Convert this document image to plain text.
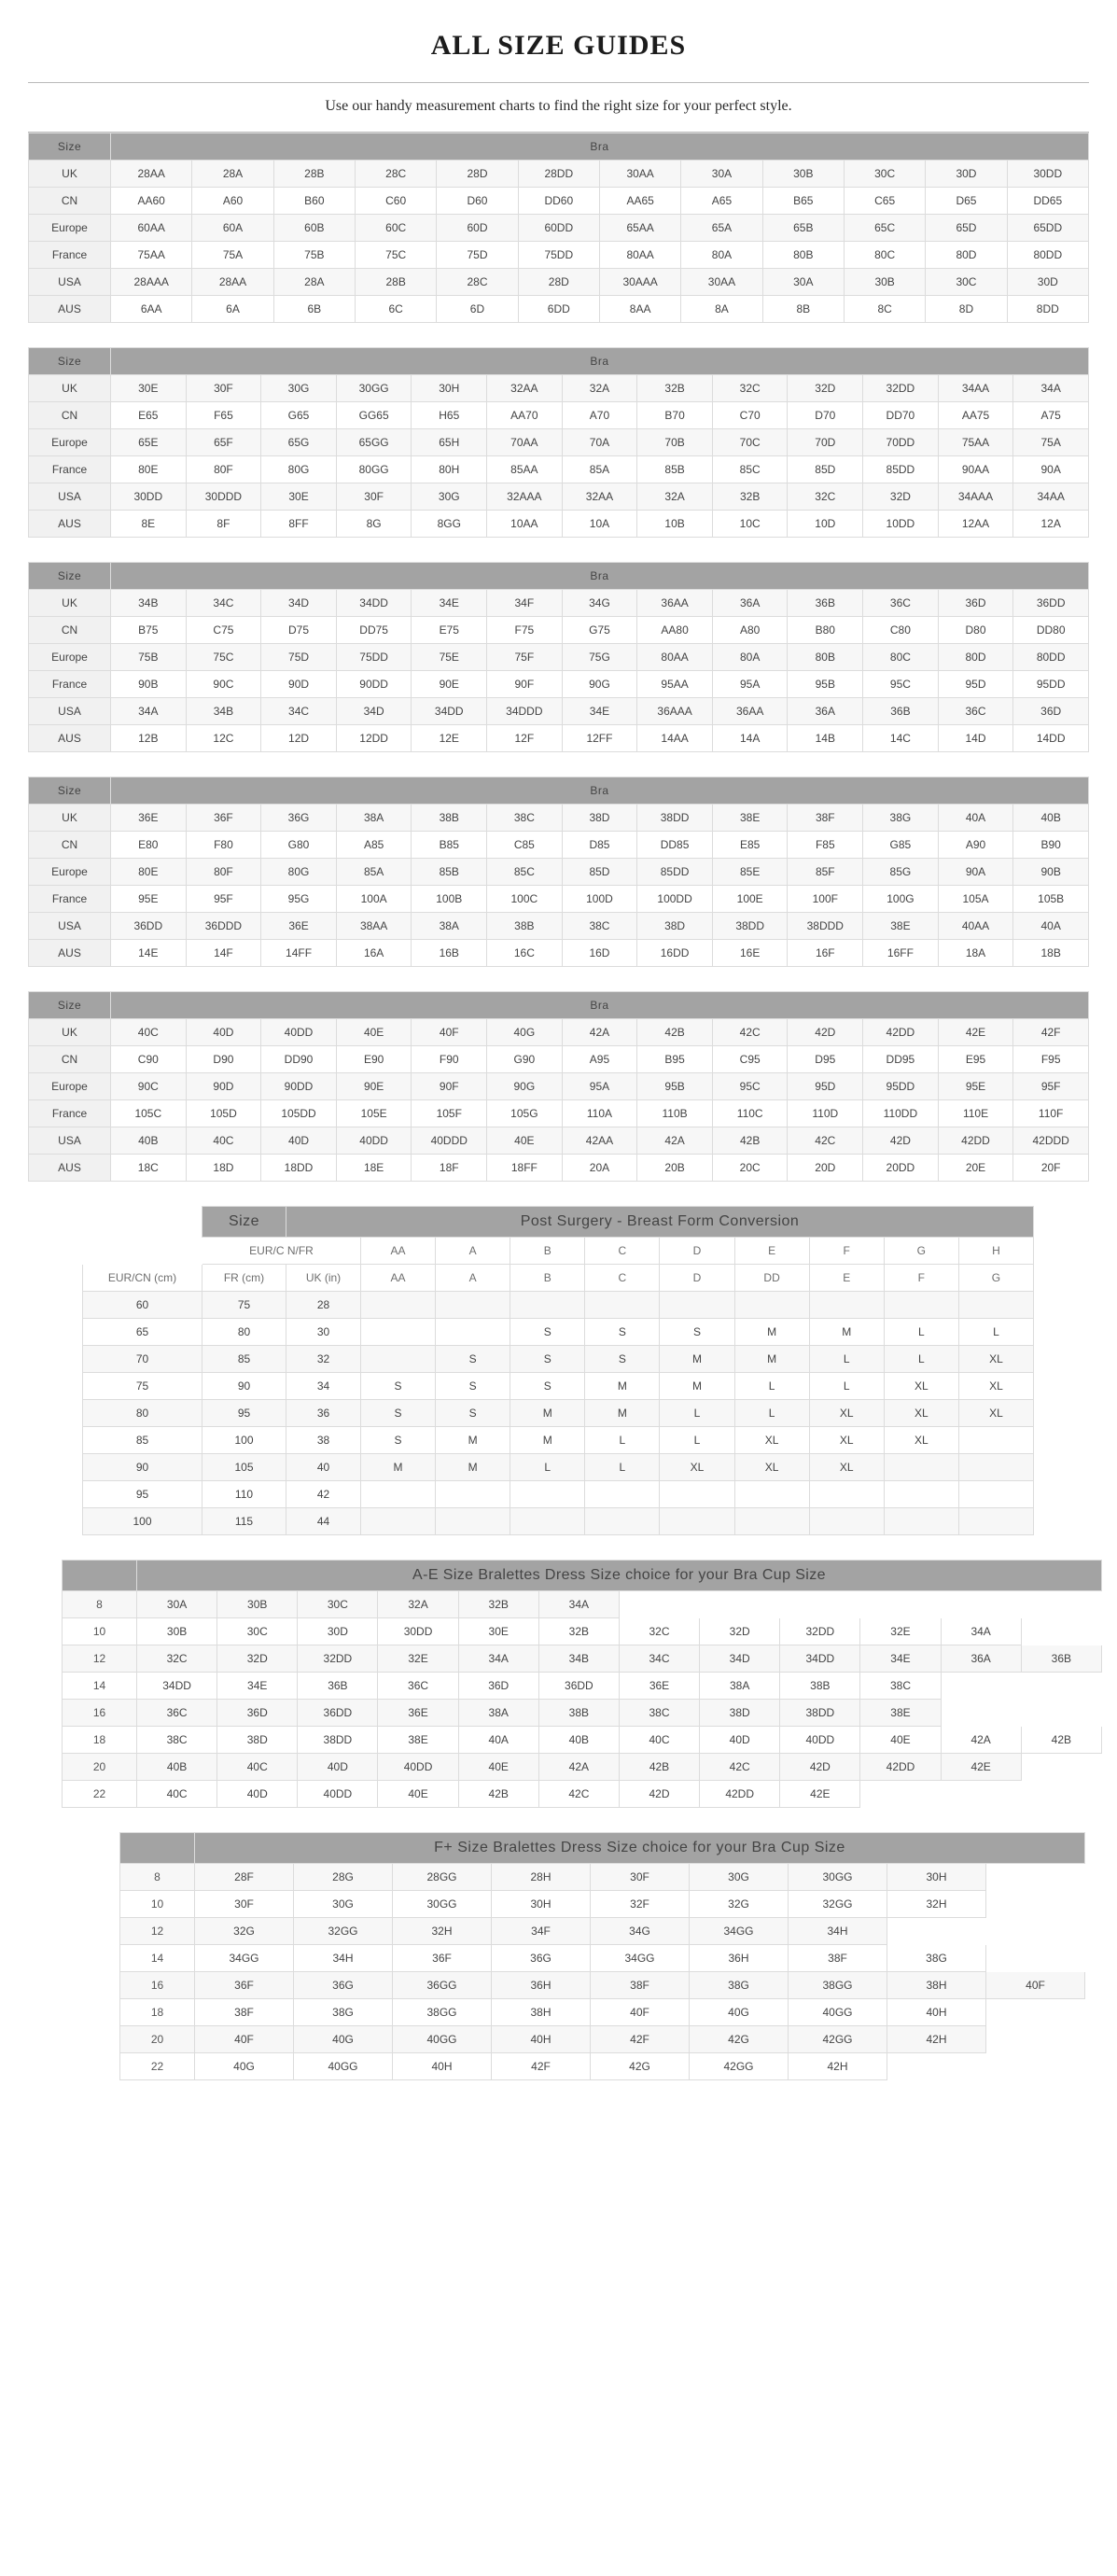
ALL SIZE GUIDES
Use our handy measurement charts to find the right size for your perfect style.
Size	Bra											
UK	28AA	28A	28B	28C	28D	28DD	30AA	30A	30B	30C	30D	30DD
CN	AA60	A60	B60	C60	D60	DD60	AA65	A65	B65	C65	D65	DD65
Europe	60AA	60A	60B	60C	60D	60DD	65AA	65A	65B	65C	65D	65DD
France	75AA	75A	75B	75C	75D	75DD	80AA	80A	80B	80C	80D	80DD
USA	28AAA	28AA	28A	28B	28C	28D	30AAA	30AA	30A	30B	30C	30D
AUS	6AA	6A	6B	6C	6D	6DD	8AA	8A	8B	8C	8D	8DD
Size	Bra												
UK	30E	30F	30G	30GG	30H	32AA	32A	32B	32C	32D	32DD	34AA	34A
CN	E65	F65	G65	GG65	H65	AA70	A70	B70	C70	D70	DD70	AA75	A75
Europe	65E	65F	65G	65GG	65H	70AA	70A	70B	70C	70D	70DD	75AA	75A
France	80E	80F	80G	80GG	80H	85AA	85A	85B	85C	85D	85DD	90AA	90A
USA	30DD	30DDD	30E	30F	30G	32AAA	32AA	32A	32B	32C	32D	34AAA	34AA
AUS	8E	8F	8FF	8G	8GG	10AA	10A	10B	10C	10D	10DD	12AA	12A
Size	Bra												
UK	34B	34C	34D	34DD	34E	34F	34G	36AA	36A	36B	36C	36D	36DD
CN	B75	C75	D75	DD75	E75	F75	G75	AA80	A80	B80	C80	D80	DD80
Europe	75B	75C	75D	75DD	75E	75F	75G	80AA	80A	80B	80C	80D	80DD
France	90B	90C	90D	90DD	90E	90F	90G	95AA	95A	95B	95C	95D	95DD
USA	34A	34B	34C	34D	34DD	34DDD	34E	36AAA	36AA	36A	36B	36C	36D
AUS	12B	12C	12D	12DD	12E	12F	12FF	14AA	14A	14B	14C	14D	14DD
Size	Bra												
UK	36E	36F	36G	38A	38B	38C	38D	38DD	38E	38F	38G	40A	40B
CN	E80	F80	G80	A85	B85	C85	D85	DD85	E85	F85	G85	A90	B90
Europe	80E	80F	80G	85A	85B	85C	85D	85DD	85E	85F	85G	90A	90B
France	95E	95F	95G	100A	100B	100C	100D	100DD	100E	100F	100G	105A	105B
USA	36DD	36DDD	36E	38AA	38A	38B	38C	38D	38DD	38DDD	38E	40AA	40A
AUS	14E	14F	14FF	16A	16B	16C	16D	16DD	16E	16F	16FF	18A	18B
Size	Bra												
UK	40C	40D	40DD	40E	40F	40G	42A	42B	42C	42D	42DD	42E	42F
CN	C90	D90	DD90	E90	F90	G90	A95	B95	C95	D95	DD95	E95	F95
Europe	90C	90D	90DD	90E	90F	90G	95A	95B	95C	95D	95DD	95E	95F
France	105C	105D	105DD	105E	105F	105G	110A	110B	110C	110D	110DD	110E	110F
USA	40B	40C	40D	40DD	40DDD	40E	42AA	42A	42B	42C	42D	42DD	42DDD
AUS	18C	18D	18DD	18E	18F	18FF	20A	20B	20C	20D	20DD	20E	20F
	Size	Post Surgery - Breast Form Conversion									
	EUR/C N/FR		AA	A	B	C	D	E	F	G	H
EUR/CN (cm)	FR (cm)	UK (in)	AA	A	B	C	D	DD	E	F	G
60	75	28									
65	80	30			S	S	S	M	M	L	L
70	85	32		S	S	S	M	M	L	L	XL
75	90	34	S	S	S	M	M	L	L	XL	XL
80	95	36	S	S	M	M	L	L	XL	XL	XL
85	100	38	S	M	M	L	L	XL	XL	XL	
90	105	40	M	M	L	L	XL	XL	XL		
95	110	42									
100	115	44									
	A-E Size Bralettes Dress Size choice for your Bra Cup Size											
8	30A	30B	30C	32A	32B	34A						
10	30B	30C	30D	30DD	30E	32B	32C	32D	32DD	32E	34A	
12	32C	32D	32DD	32E	34A	34B	34C	34D	34DD	34E	36A	36B
14	34DD	34E	36B	36C	36D	36DD	36E	38A	38B	38C		
16	36C	36D	36DD	36E	38A	38B	38C	38D	38DD	38E		
18	38C	38D	38DD	38E	40A	40B	40C	40D	40DD	40E	42A	42B
20	40B	40C	40D	40DD	40E	42A	42B	42C	42D	42DD	42E	
22	40C	40D	40DD	40E	42B	42C	42D	42DD	42E			
	F+ Size Bralettes Dress Size choice for your Bra Cup Size								
8	28F	28G	28GG	28H	30F	30G	30GG	30H	
10	30F	30G	30GG	30H	32F	32G	32GG	32H	
12	32G	32GG	32H	34F	34G	34GG	34H		
14	34GG	34H	36F	36G	34GG	36H	38F	38G	
16	36F	36G	36GG	36H	38F	38G	38GG	38H	40F
18	38F	38G	38GG	38H	40F	40G	40GG	40H	
20	40F	40G	40GG	40H	42F	42G	42GG	42H	
22	40G	40GG	40H	42F	42G	42GG	42H		
